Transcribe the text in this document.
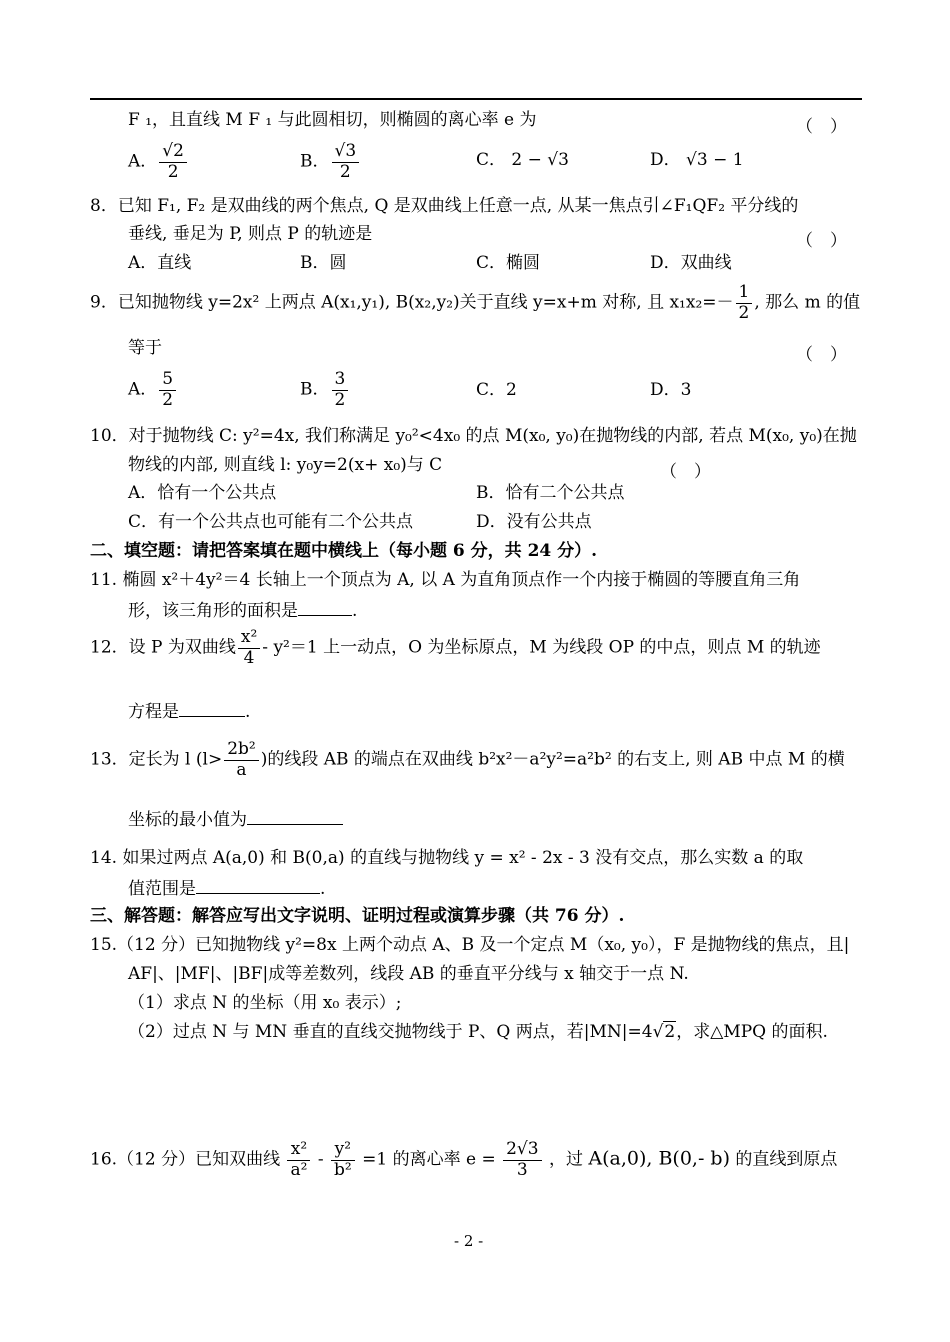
F ₁，且直线 M F ₁ 与此圆相切，则椭圆的离心率 e 为	（　）
A． $\frac{√2}{2}$	B． $\frac{√3}{2}$	C． 2 − √3	D． √3 − 1
8．已知 F₁, F₂ 是双曲线的两个焦点, Q 是双曲线上任意一点, 从某一焦点引∠F₁QF₂ 平分线的
垂线, 垂足为 P, 则点 P 的轨迹是	（　）
A．直线	B．圆	C．椭圆	D．双曲线
9．已知抛物线 y=2x² 上两点 A(x₁,y₁), B(x₂,y₂)关于直线 y=x+m 对称, 且 $x_1x_2=- \frac{1}{2}$ , 那么 m 的值
等于	（　）
A． $\frac{5}{2}$	B． $\frac{3}{2}$	C．2	D．3
10．对于抛物线 C: y²=4x, 我们称满足 y₀²<4x₀ 的点 M(x₀, y₀)在抛物线的内部, 若点 M(x₀, y₀)在抛
物线的内部, 则直线 l: y₀y=2(x+ x₀)与 C	（　）
A．恰有一个公共点	B．恰有二个公共点
C．有一个公共点也可能有二个公共点	D．没有公共点
二、填空题：请把答案填在题中横线上（每小题 6 分，共 24 分）.
11. 椭圆 x²＋4y²＝4 长轴上一个顶点为 A, 以 A 为直角顶点作一个内接于椭圆的等腰直角三角
形，该三角形的面积是	.
12．设 P 为双曲线 $\frac{\text{x²}}{4} - y^2=1$ 上一动点，O 为坐标原点，M 为线段 OP 的中点，则点 M 的轨迹
方程是	.
13．定长为 l ($l> \frac{\text{2b²}}{a}$ )的线段 AB 的端点在双曲线 b²x²－a²y²=a²b² 的右支上, 则 AB 中点 M 的横
坐标的最小值为
14. 如果过两点 A(a,0) 和 B(0,a) 的直线与抛物线 y = x² - 2x - 3 没有交点，那么实数 a 的取
值范围是	.
三、解答题：解答应写出文字说明、证明过程或演算步骤（共 76 分）.
15.（12 分）已知抛物线 y²=8x 上两个动点 A、B 及一个定点 M（x₀, y₀），F 是抛物线的焦点，且|
AF|、|MF|、|BF|成等差数列，线段 AB 的垂直平分线与 x 轴交于一点 N.
（1）求点 N 的坐标（用 x₀ 表示）;
（2）过点 N 与 MN 垂直的直线交抛物线于 P、Q 两点，若|MN|=4√2，求△MPQ 的面积.
16.（12 分）已知双曲线 $\frac{\text{x²}}{\text{a²}} - \frac{\text{y²}}{\text{b²}} =1$ 的离心率 $e = \frac{2√3}{3}$ ，过 A(a,0), B(0,- b) 的直线到原点
- 2 -
